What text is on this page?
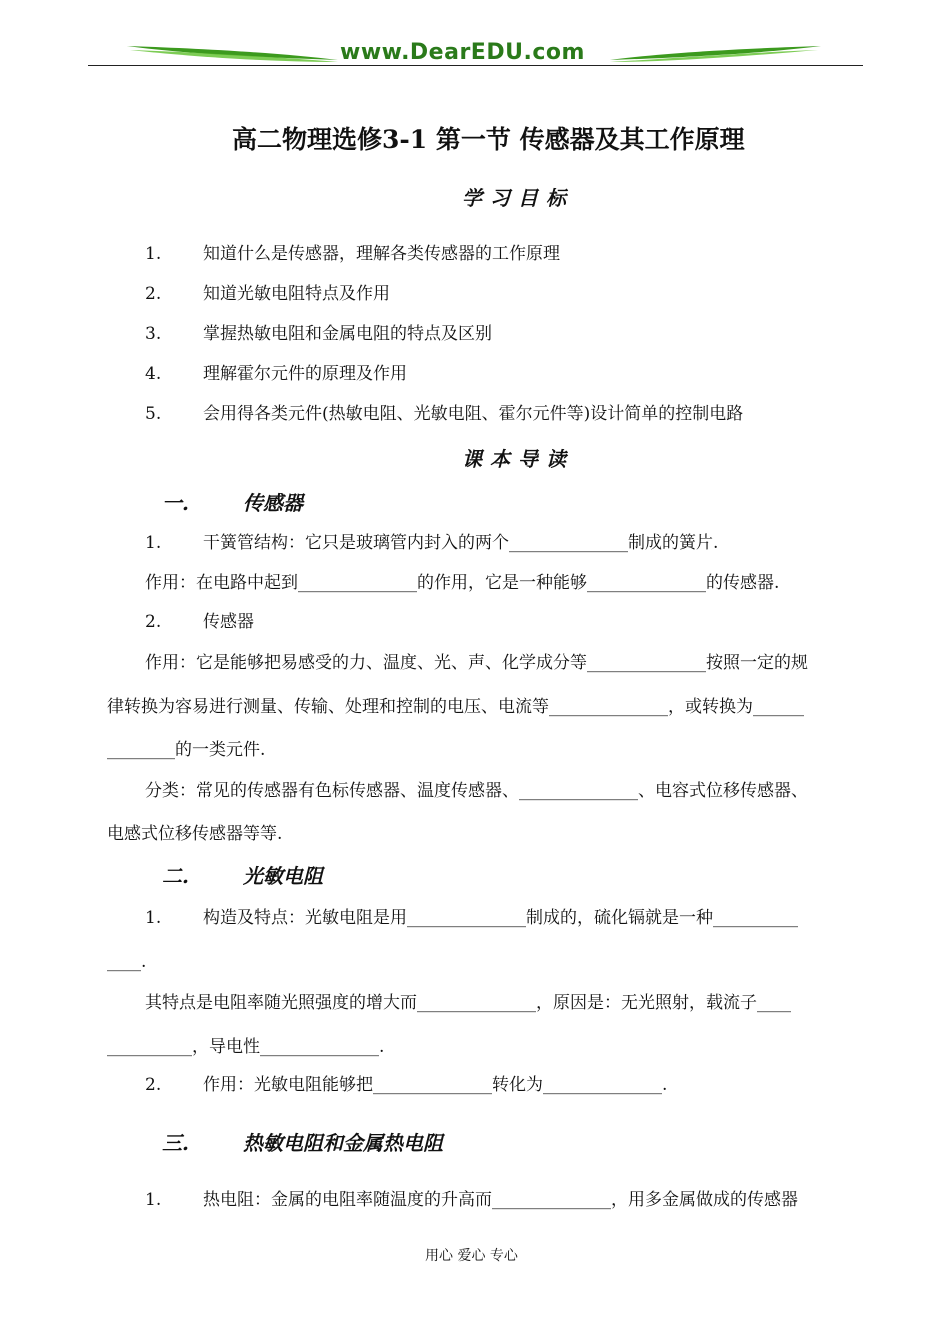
www.DearEDU.com
高二物理选修3-1 第一节 传感器及其工作原理
学习目标
1. 知道什么是传感器，理解各类传感器的工作原理
2. 知道光敏电阻特点及作用
3. 掌握热敏电阻和金属电阻的特点及区别
4. 理解霍尔元件的原理及作用
5. 会用得各类元件(热敏电阻、光敏电阻、霍尔元件等)设计简单的控制电路
课本导读
一.	传感器
1. 干簧管结构：它只是玻璃管内封入的两个______________制成的簧片.
作用：在电路中起到______________的作用，它是一种能够______________的传感器.
2. 传感器
作用：它是能够把易感受的力、温度、光、声、化学成分等______________按照一定的规
律转换为容易进行测量、传输、处理和控制的电压、电流等______________，或转换为______
________的一类元件.
分类：常见的传感器有色标传感器、温度传感器、______________、电容式位移传感器、
电感式位移传感器等等.
二.	光敏电阻
1. 构造及特点：光敏电阻是用______________制成的，硫化镉就是一种__________
____.
其特点是电阻率随光照强度的增大而______________，原因是：无光照射，载流子____
__________，导电性______________.
2. 作用：光敏电阻能够把______________转化为______________.
三.	热敏电阻和金属热电阻
1. 热电阻：金属的电阻率随温度的升高而______________，用多金属做成的传感器
用心 爱心 专心
